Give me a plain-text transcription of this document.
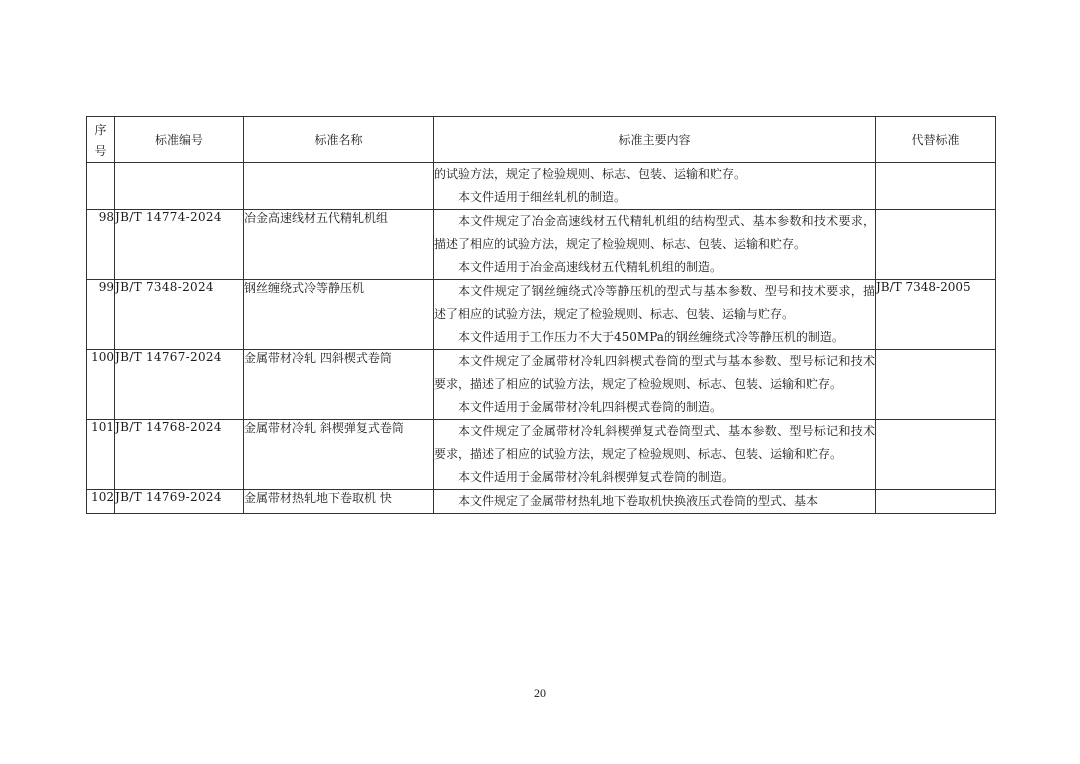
序
号	标准编号	标准名称	标准主要内容	代替标准

			的试验方法，规定了检验规则、标志、包装、运输和贮存。

本文件适用于细丝轧机的制造。	

98	JB/T 14774-2024	冶金高速线材五代精轧机组	本文件规定了冶金高速线材五代精轧机组的结构型式、基本参数和技术要求，描述了相应的试验方法，规定了检验规则、标志、包装、运输和贮存。

本文件适用于冶金高速线材五代精轧机组的制造。	

99	JB/T 7348-2024	钢丝缠绕式冷等静压机	本文件规定了钢丝缠绕式冷等静压机的型式与基本参数、型号和技术要求，描述了相应的试验方法，规定了检验规则、标志、包装、运输与贮存。

本文件适用于工作压力不大于450MPa的钢丝缠绕式冷等静压机的制造。	JB/T 7348-2005
100	JB/T 14767-2024	金属带材冷轧 四斜楔式卷筒	本文件规定了金属带材冷轧四斜楔式卷筒的型式与基本参数、型号标记和技术要求，描述了相应的试验方法，规定了检验规则、标志、包装、运输和贮存。

本文件适用于金属带材冷轧四斜楔式卷筒的制造。	

101	JB/T 14768-2024	金属带材冷轧 斜楔弹复式卷筒	本文件规定了金属带材冷轧斜楔弹复式卷筒型式、基本参数、型号标记和技术要求，描述了相应的试验方法，规定了检验规则、标志、包装、运输和贮存。

本文件适用于金属带材冷轧斜楔弹复式卷筒的制造。	

102	JB/T 14769-2024	金属带材热轧地下卷取机 快	本文件规定了金属带材热轧地下卷取机快换液压式卷筒的型式、基本	

20
